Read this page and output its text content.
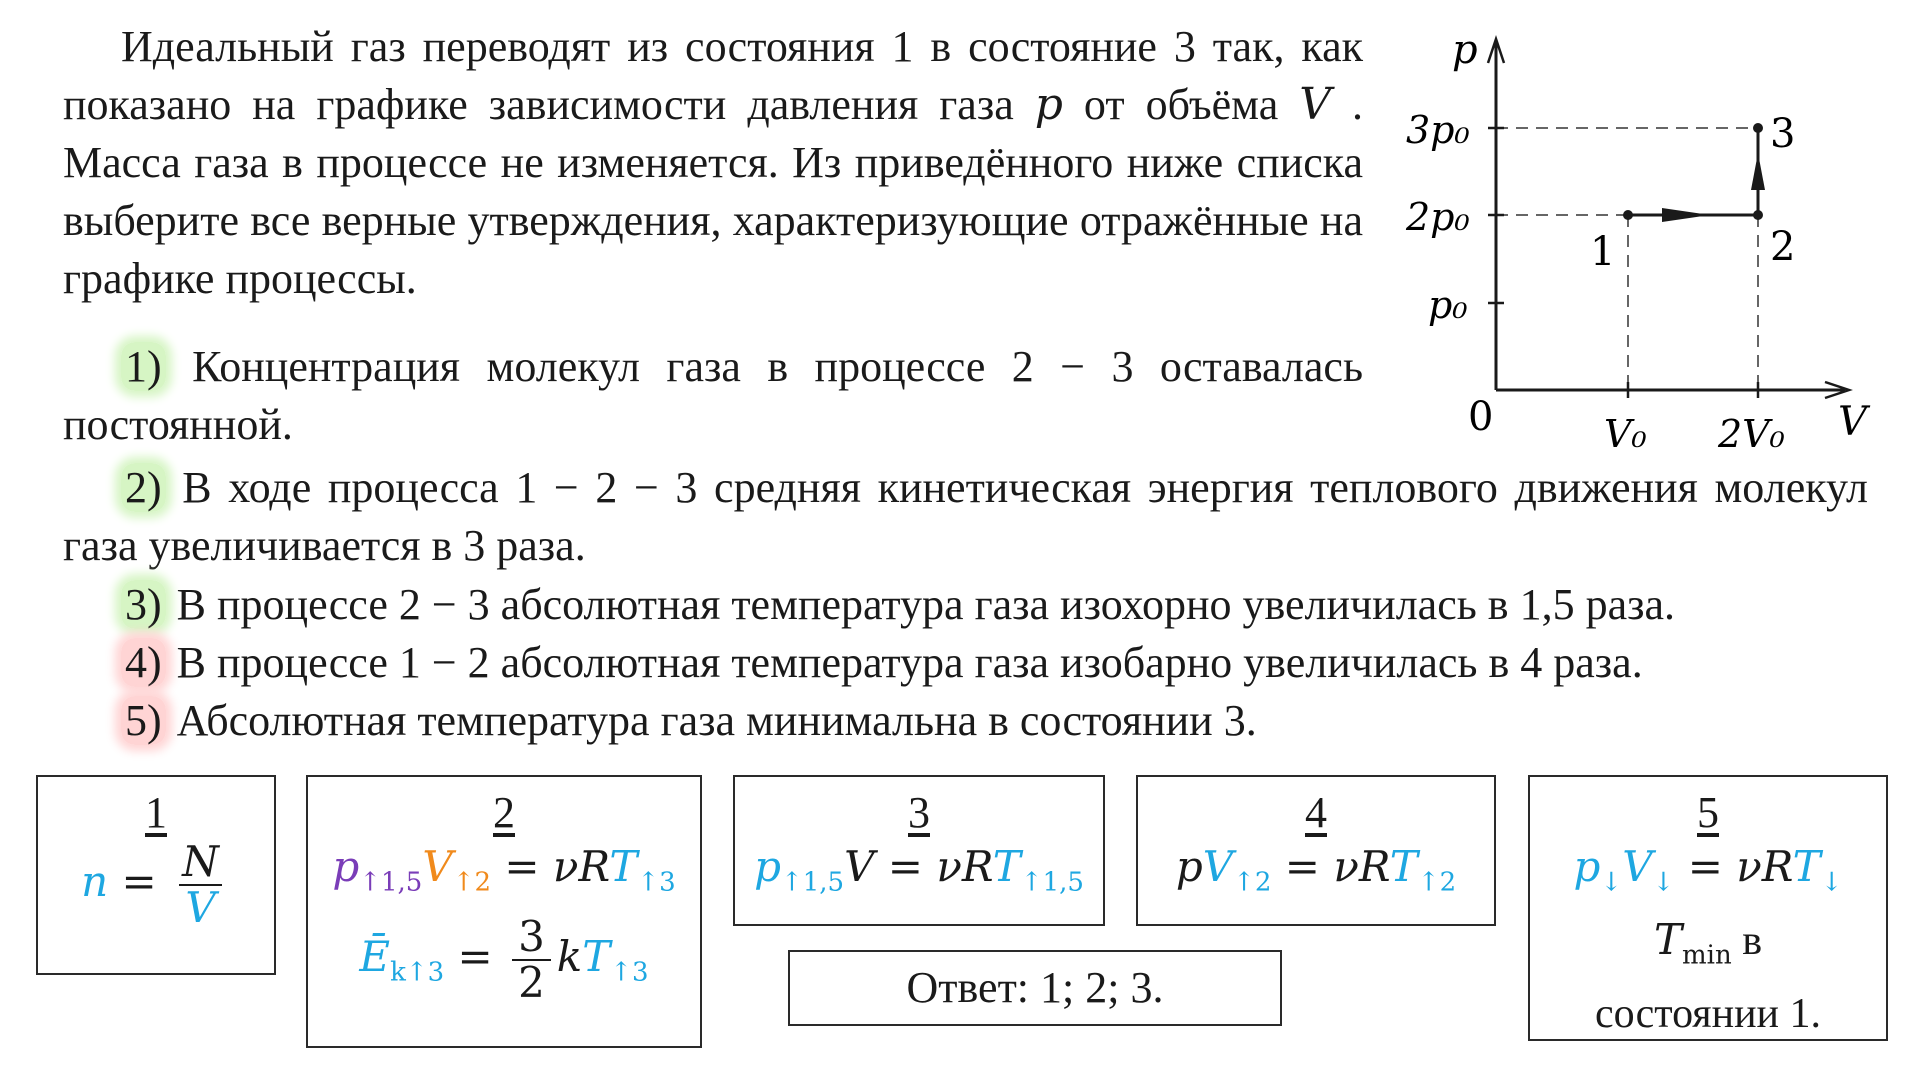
Идеальный газ переводят из состояния 1 в состояние 3 так, как показано на графике зависимости давления газа p от объёма V . Масса газа в процессе не изменяется. Из приведённого ниже списка выберите все верные утверждения, характеризующие отражённые на графике процессы.
1) Концентрация молекул газа в процессе 2 − 3 оставалась постоянной.
2) В ходе процесса 1 − 2 − 3 средняя кинетическая энергия теплового движения молекул газа увеличивается в 3 раза.
3) В процессе 2 − 3 абсолютная температура газа изохорно увеличилась в 1,5 раза.
4) В процессе 1 − 2 абсолютная температура газа изобарно увеличилась в 4 раза.
5) Абсолютная температура газа минимальна в состоянии 3.
p
V
0
p₀
2p₀
3p₀
V₀ 2V₀
1	2
3
1
$n = \frac{N}{V}$
2
$p_{↑1,5}V_{↑2} = \nu RT_{↑3}$
$Ē_{k↑3} = \frac{3}{2} kT_{↑3}$
3
$p_{↑1,5}V = \nu RT_{↑1,5}$
4
$pV_{↑2} = \nu RT_{↑2}$
5
$p_↓V_↓ = \nu RT_↓$
$T_{min}$ в
состоянии 1.
Ответ: 1; 2; 3.
